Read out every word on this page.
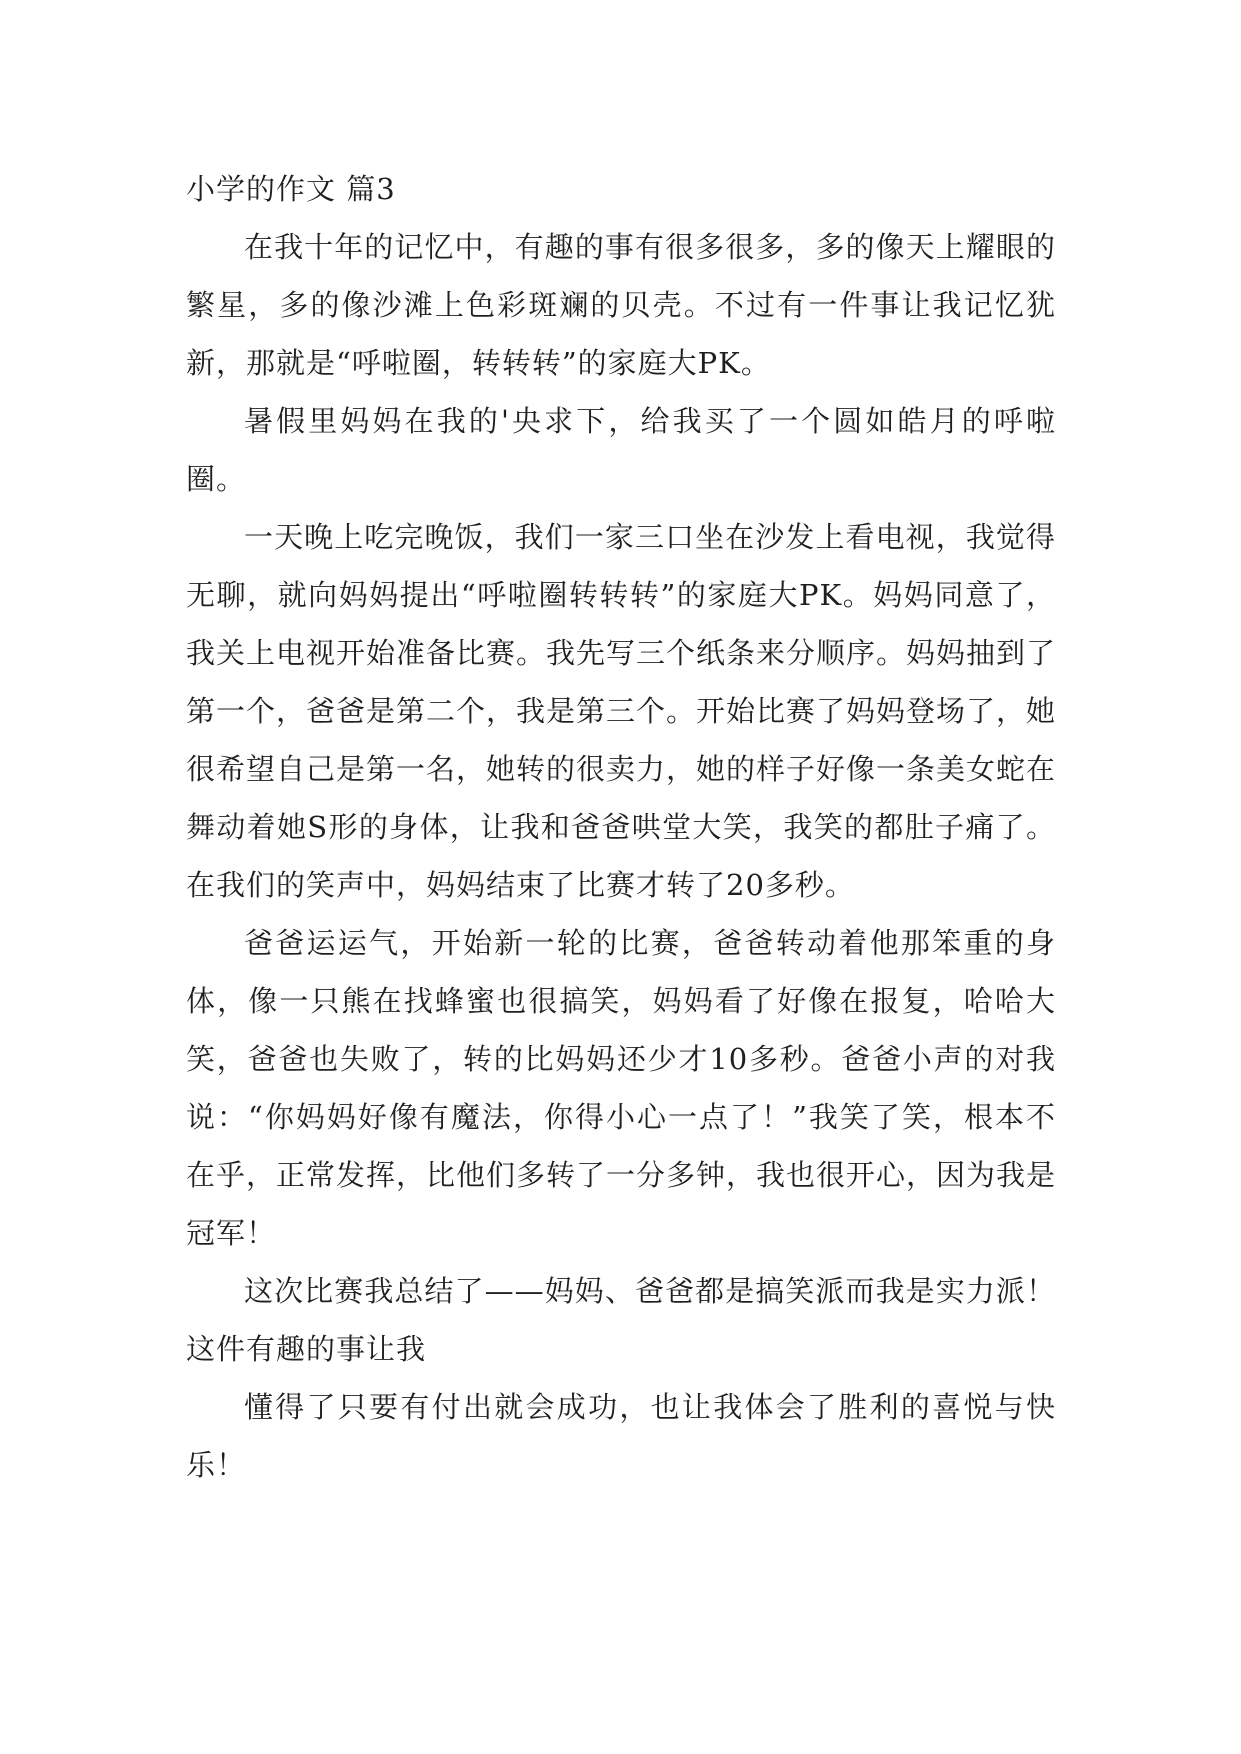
小学的作文 篇3

在我十年的记忆中，有趣的事有很多很多，多的像天上耀眼的繁星，多的像沙滩上色彩斑斓的贝壳。不过有一件事让我记忆犹新，那就是“呼啦圈，转转转”的家庭大PK。

暑假里妈妈在我的'央求下，给我买了一个圆如皓月的呼啦圈。

一天晚上吃完晚饭，我们一家三口坐在沙发上看电视，我觉得无聊，就向妈妈提出“呼啦圈转转转”的家庭大PK。妈妈同意了，我关上电视开始准备比赛。我先写三个纸条来分顺序。妈妈抽到了第一个，爸爸是第二个，我是第三个。开始比赛了妈妈登场了，她很希望自己是第一名，她转的很卖力，她的样子好像一条美女蛇在舞动着她S形的身体，让我和爸爸哄堂大笑，我笑的都肚子痛了。在我们的笑声中，妈妈结束了比赛才转了20多秒。

爸爸运运气，开始新一轮的比赛，爸爸转动着他那笨重的身体，像一只熊在找蜂蜜也很搞笑，妈妈看了好像在报复，哈哈大笑，爸爸也失败了，转的比妈妈还少才10多秒。爸爸小声的对我说：“你妈妈好像有魔法，你得小心一点了！”我笑了笑，根本不在乎，正常发挥，比他们多转了一分多钟，我也很开心，因为我是冠军！

这次比赛我总结了——妈妈、爸爸都是搞笑派而我是实力派！这件有趣的事让我

懂得了只要有付出就会成功，也让我体会了胜利的喜悦与快乐！
